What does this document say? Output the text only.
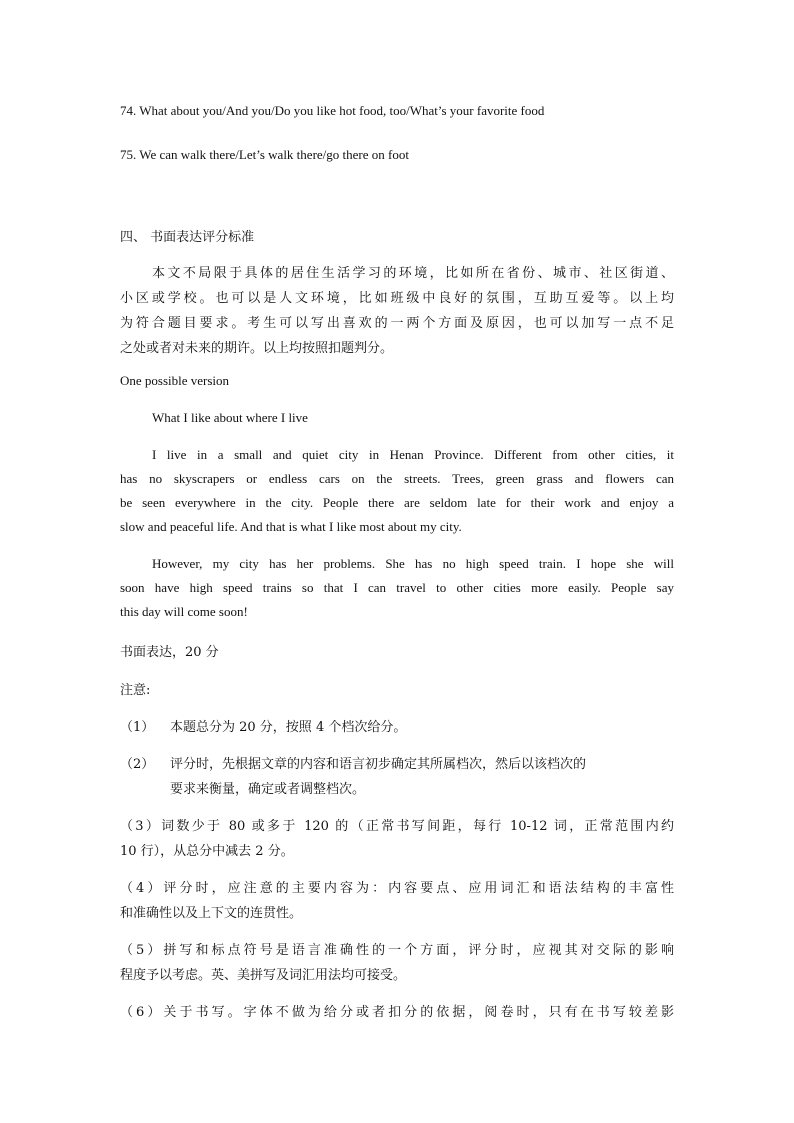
74. What about you/And you/Do you like hot food, too/What’s your favorite food
75. We can walk there/Let’s walk there/go there on foot
四、 书面表达评分标准
本文不局限于具体的居住生活学习的环境，比如所在省份、城市、社区街道、
小区或学校。也可以是人文环境，比如班级中良好的氛围，互助互爱等。以上均
为符合题目要求。考生可以写出喜欢的一两个方面及原因，也可以加写一点不足
之处或者对未来的期许。以上均按照扣题判分。
One possible version
What I like about where I live
I live in a small and quiet city in Henan Province. Different from other cities, it
has no skyscrapers or endless cars on the streets. Trees, green grass and flowers can
be seen everywhere in the city. People there are seldom late for their work and enjoy a
slow and peaceful life. And that is what I like most about my city.
However, my city has her problems. She has no high speed train. I hope she will
soon have high speed trains so that I can travel to other cities more easily. People say
this day will come soon!
书面表达，20 分
注意:
（1） 本题总分为 20 分，按照 4 个档次给分。
（2） 评分时，先根据文章的内容和语言初步确定其所属档次，然后以该档次的
要求来衡量，确定或者调整档次。
（3）词数少于 80 或多于 120 的（正常书写间距，每行 10-12 词，正常范围内约
10 行），从总分中减去 2 分。
（4）评分时，应注意的主要内容为：内容要点、应用词汇和语法结构的丰富性
和准确性以及上下文的连贯性。
（5）拼写和标点符号是语言准确性的一个方面，评分时，应视其对交际的影响
程度予以考虑。英、美拼写及词汇用法均可接受。
（6）关于书写。字体不做为给分或者扣分的依据，阅卷时，只有在书写较差影
